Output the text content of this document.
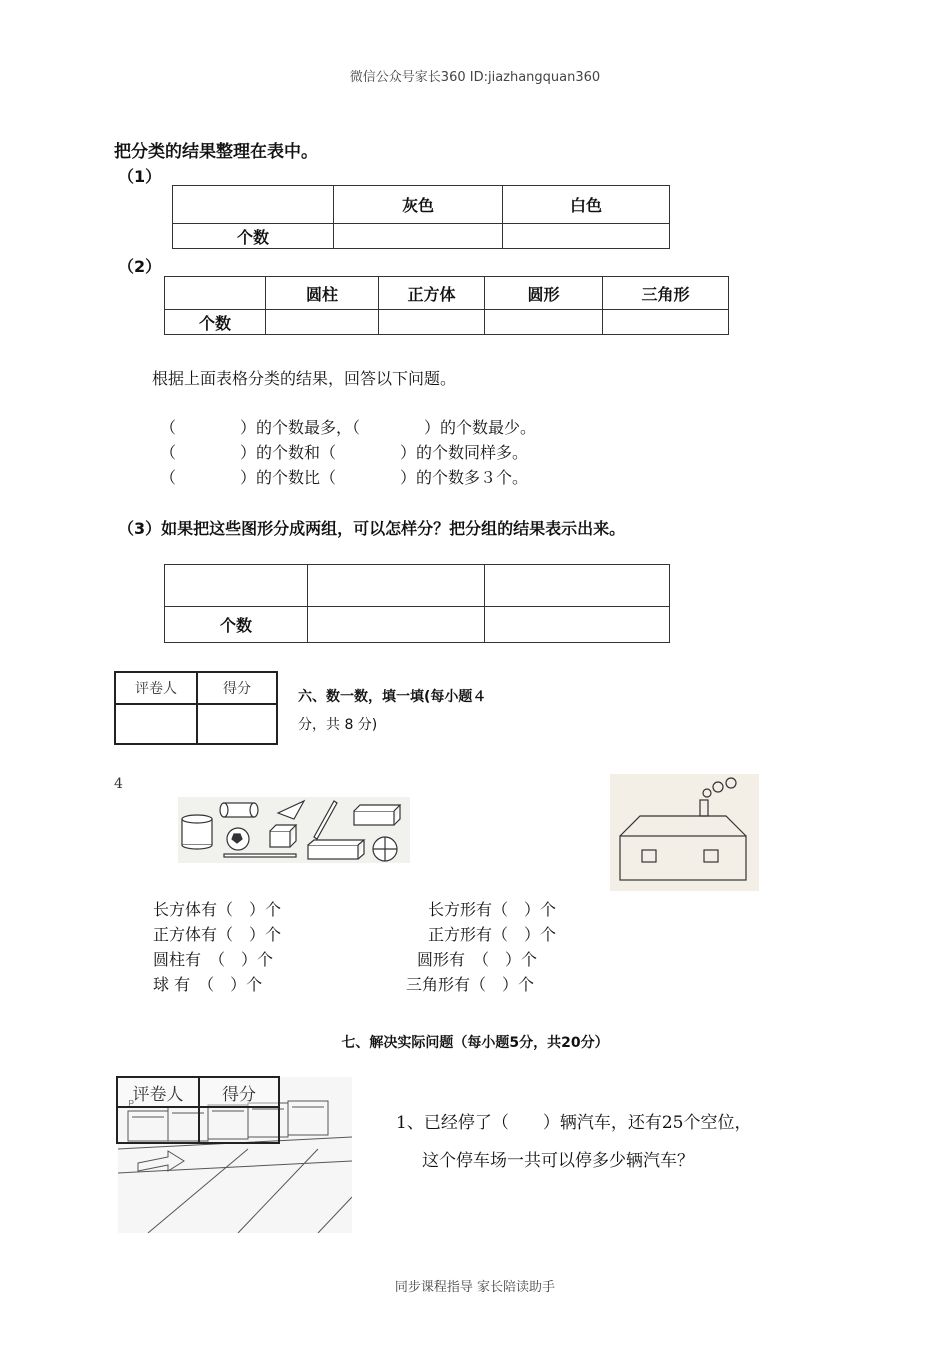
微信公众号家长360 ID:jiazhangquan360
把分类的结果整理在表中。
（1）
	灰色	白色
个数		
（2）
	圆柱	正方体	圆形	三角形
个数				
根据上面表格分类的结果，回答以下问题。
（　　　　）的个数最多，（　　　　）的个数最少。
（　　　　）的个数和（　　　　）的个数同样多。
（　　　　）的个数比（　　　　）的个数多３个。
（3）如果把这些图形分成两组，可以怎样分？把分组的结果表示出来。

个数		
评卷人	得分
		六、数一数，填一填(每小题４
分，共 8 分)
4
长方体有（　）个
正方体有（　）个
圆柱有　（　）个
球 有　（　）个
长方形有（　）个
正方形有（　）个
圆形有　（　）个
三角形有（　）个
七、解决实际问题（每小题5分，共20分）
P
评卷人	得分

1、已经停了（　　）辆汽车，还有25个空位，
这个停车场一共可以停多少辆汽车？
同步课程指导 家长陪读助手
